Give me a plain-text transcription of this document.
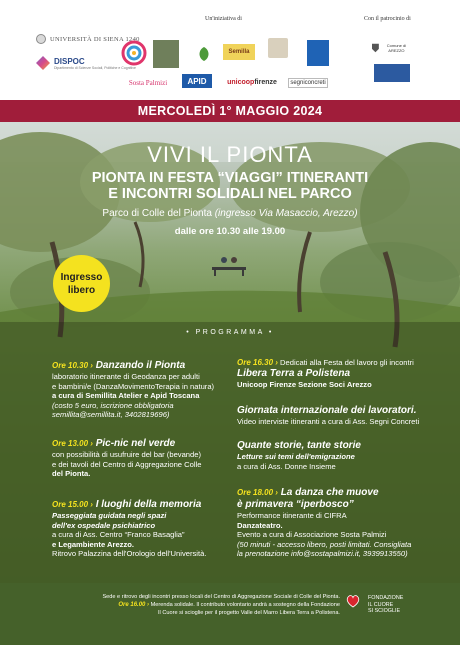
UNIVERSITÀ DI SIENA 1240
DISPOC
Dipartimento di Scienze Sociali, Politiche e Cognitive
Un'iniziativa di	Con il patrocinio di
Semilla
Sosta Palmizi	APID	unicoop firenze	segniconcreti
Comune di AREZZO
MERCOLEDÌ 1° MAGGIO 2024
VIVI IL PIONTA
PIONTA IN FESTA “VIAGGI” ITINERANTI
E INCONTRI SOLIDALI NEL PARCO
Parco di Colle del Pionta (ingresso Via Masaccio, Arezzo)
dalle ore 10.30 alle 19.00
Ingresso
libero
• PROGRAMMA •
Ore 10.30 › Danzando il Pionta
laboratorio itinerante di Geodanza per adulti
e bambini/e (DanzaMovimentoTerapia in natura)
a cura di Semillita Atelier e Apid Toscana
(costo 5 euro, iscrizione obbligatoria
semillita@semillita.it, 3402819696)
Ore 13.00 › Pic-nic nel verde
con possibilità di usufruire del bar (bevande)
e dei tavoli del Centro di Aggregazione Colle
del Pionta.
Ore 15.00 › I luoghi della memoria
Passeggiata guidata negli spazi
dell'ex ospedale psichiatrico
a cura di Ass. Centro “Franco Basaglia”
e Legambiente Arezzo.
Ritrovo Palazzina dell'Orologio dell'Università.
Ore 16.30 › Dedicati alla Festa del lavoro gli incontri
Libera Terra a Polistena
Unicoop Firenze Sezione Soci Arezzo
Giornata internazionale dei lavoratori.
Video interviste itineranti a cura di Ass. Segni Concreti
Quante storie, tante storie
Letture sui temi dell'emigrazione
a cura di Ass. Donne Insieme
Ore 18.00 › La danza che muove
è primavera “iperbosco”
Performance itinerante di CIFRA
Danzateatro.
Evento a cura di Associazione Sosta Palmizi
(50 minuti - accesso libero, posti limitati. Consigliata
la prenotazione info@sostapalmizi.it, 3939913550)
Sede e ritrovo degli incontri presso locali del Centro di Aggregazione Sociale di Colle del Pionta.
Ore 16.00 › Merenda solidale. Il contributo volontario andrà a sostegno della Fondazione
Il Cuore si scioglie per il progetto Valle del Marro Libera Terra a Polistena.
FONDAZIONE
IL CUORE
SI SCIOGLIE
